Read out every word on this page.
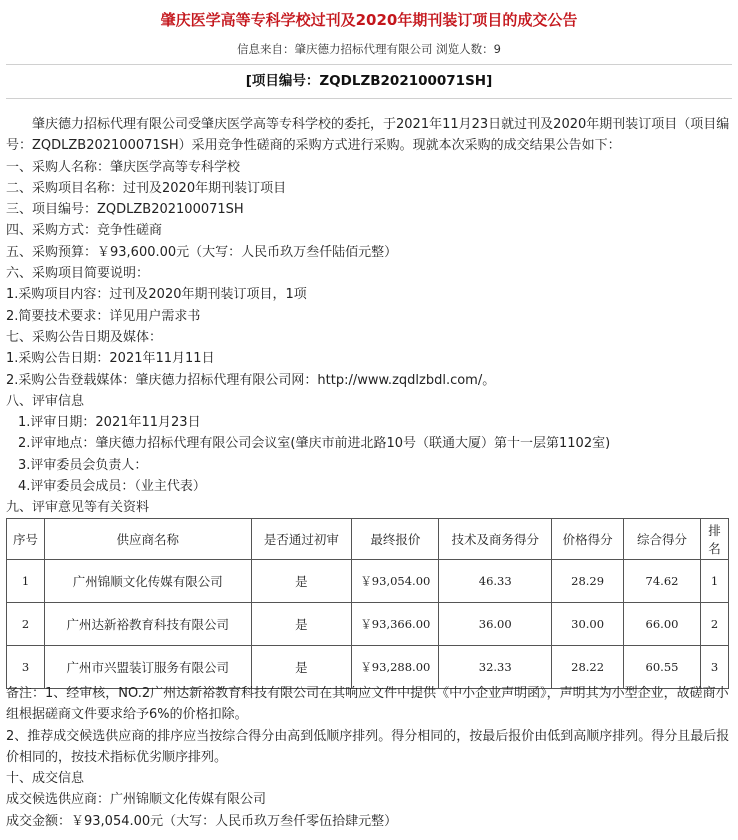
肇庆医学高等专科学校过刊及2020年期刊装订项目的成交公告
信息来自：肇庆德力招标代理有限公司 浏览人数：9
[项目编号：ZQDLZB202100071SH]

肇庆德力招标代理有限公司受肇庆医学高等专科学校的委托，于2021年11月23日就过刊及2020年期刊装订项目（项目编号：ZQDLZB202100071SH）采用竞争性磋商的采购方式进行采购。现就本次采购的成交结果公告如下：

一、采购人名称：肇庆医学高等专科学校

二、采购项目名称：过刊及2020年期刊装订项目

三、项目编号：ZQDLZB202100071SH

四、采购方式：竞争性磋商

五、采购预算：￥93,600.00元（大写：人民币玖万叁仟陆佰元整）

六、采购项目简要说明：

1.采购项目内容：过刊及2020年期刊装订项目，1项

2.简要技术要求：详见用户需求书

七、采购公告日期及媒体：

1.采购公告日期：2021年11月11日

2.采购公告登载媒体：肇庆德力招标代理有限公司网：http://www.zqdlzbdl.com/。

八、评审信息

1.评审日期：2021年11月23日

2.评审地点：肇庆德力招标代理有限公司会议室(肇庆市前进北路10号（联通大厦）第十一层第1102室)

3.评审委员会负责人：

4.评审委员会成员：（业主代表）

九、评审意见等有关资料

序号	供应商名称	是否通过初审	最终报价	技术及商务得分	价格得分	综合得分	排名
1	广州锦顺文化传媒有限公司	是	￥93,054.00	46.33	28.29	74.62	1
2	广州达新裕教育科技有限公司	是	￥93,366.00	36.00	30.00	66.00	2
3	广州市兴盟装订服务有限公司	是	￥93,288.00	32.33	28.22	60.55	3

备注：1、经审核，NO.2广州达新裕教育科技有限公司在其响应文件中提供《中小企业声明函》，声明其为小型企业，故磋商小组根据磋商文件要求给予6%的价格扣除。

2、推荐成交候选供应商的排序应当按综合得分由高到低顺序排列。得分相同的，按最后报价由低到高顺序排列。得分且最后报价相同的，按技术指标优劣顺序排列。

十、成交信息

成交候选供应商：广州锦顺文化传媒有限公司

成交金额：￥93,054.00元（大写：人民币玖万叁仟零伍拾肆元整）
